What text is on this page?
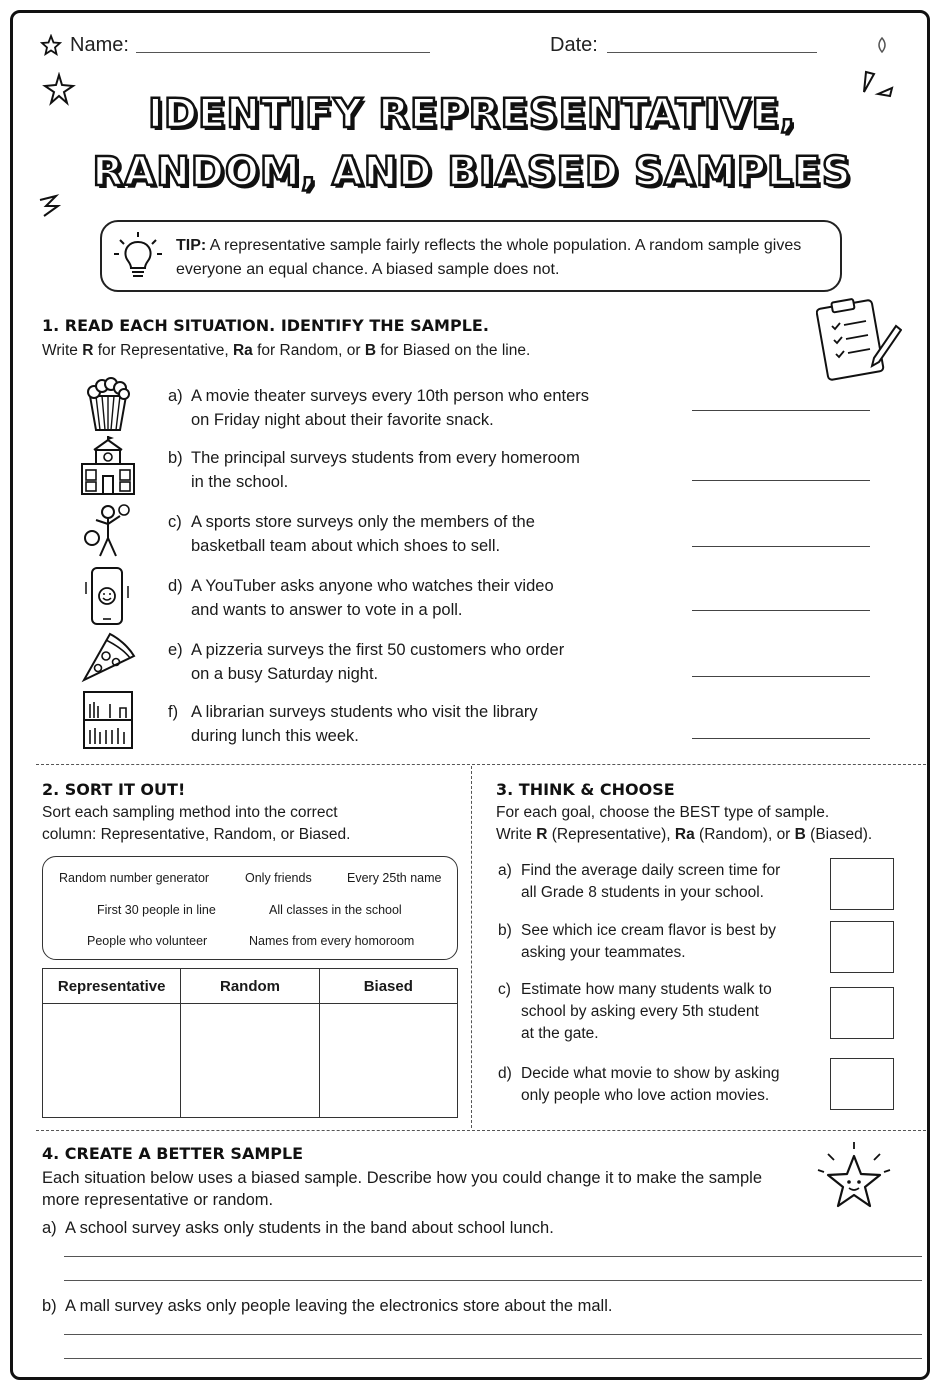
Name:	Date:
IDENTIFY REPRESENTATIVE,
RANDOM, AND BIASED SAMPLES
TIP: A representative sample fairly reflects the whole population. A random sample gives everyone an equal chance. A biased sample does not.
1. READ EACH SITUATION. IDENTIFY THE SAMPLE.
Write R for Representative, Ra for Random, or B for Biased on the line.
a) A movie theater surveys every 10th person who enters
on Friday night about their favorite snack.
b) The principal surveys students from every homeroom
in the school.
c) A sports store surveys only the members of the
basketball team about which shoes to sell.
d) A YouTuber asks anyone who watches their video
and wants to answer to vote in a poll.
e) A pizzeria surveys the first 50 customers who order
on a busy Saturday night.
f) A librarian surveys students who visit the library
during lunch this week.
2. SORT IT OUT!
Sort each sampling method into the correct
column: Representative, Random, or Biased.
Random number generator	Only friends	Every 25th name
First 30 people in line	All classes in the school
People who volunteer	Names from every homoroom
Representative	Random	Biased

3. THINK & CHOOSE
For each goal, choose the BEST type of sample.
Write R (Representative), Ra (Random), or B (Biased).
a) Find the average daily screen time for
all Grade 8 students in your school.
b) See which ice cream flavor is best by
asking your teammates.
c) Estimate how many students walk to
school by asking every 5th student
at the gate.
d) Decide what movie to show by asking
only people who love action movies.
4. CREATE A BETTER SAMPLE
Each situation below uses a biased sample. Describe how you could change it to make the sample
more representative or random.
a) A school survey asks only students in the band about school lunch.
b) A mall survey asks only people leaving the electronics store about the mall.
